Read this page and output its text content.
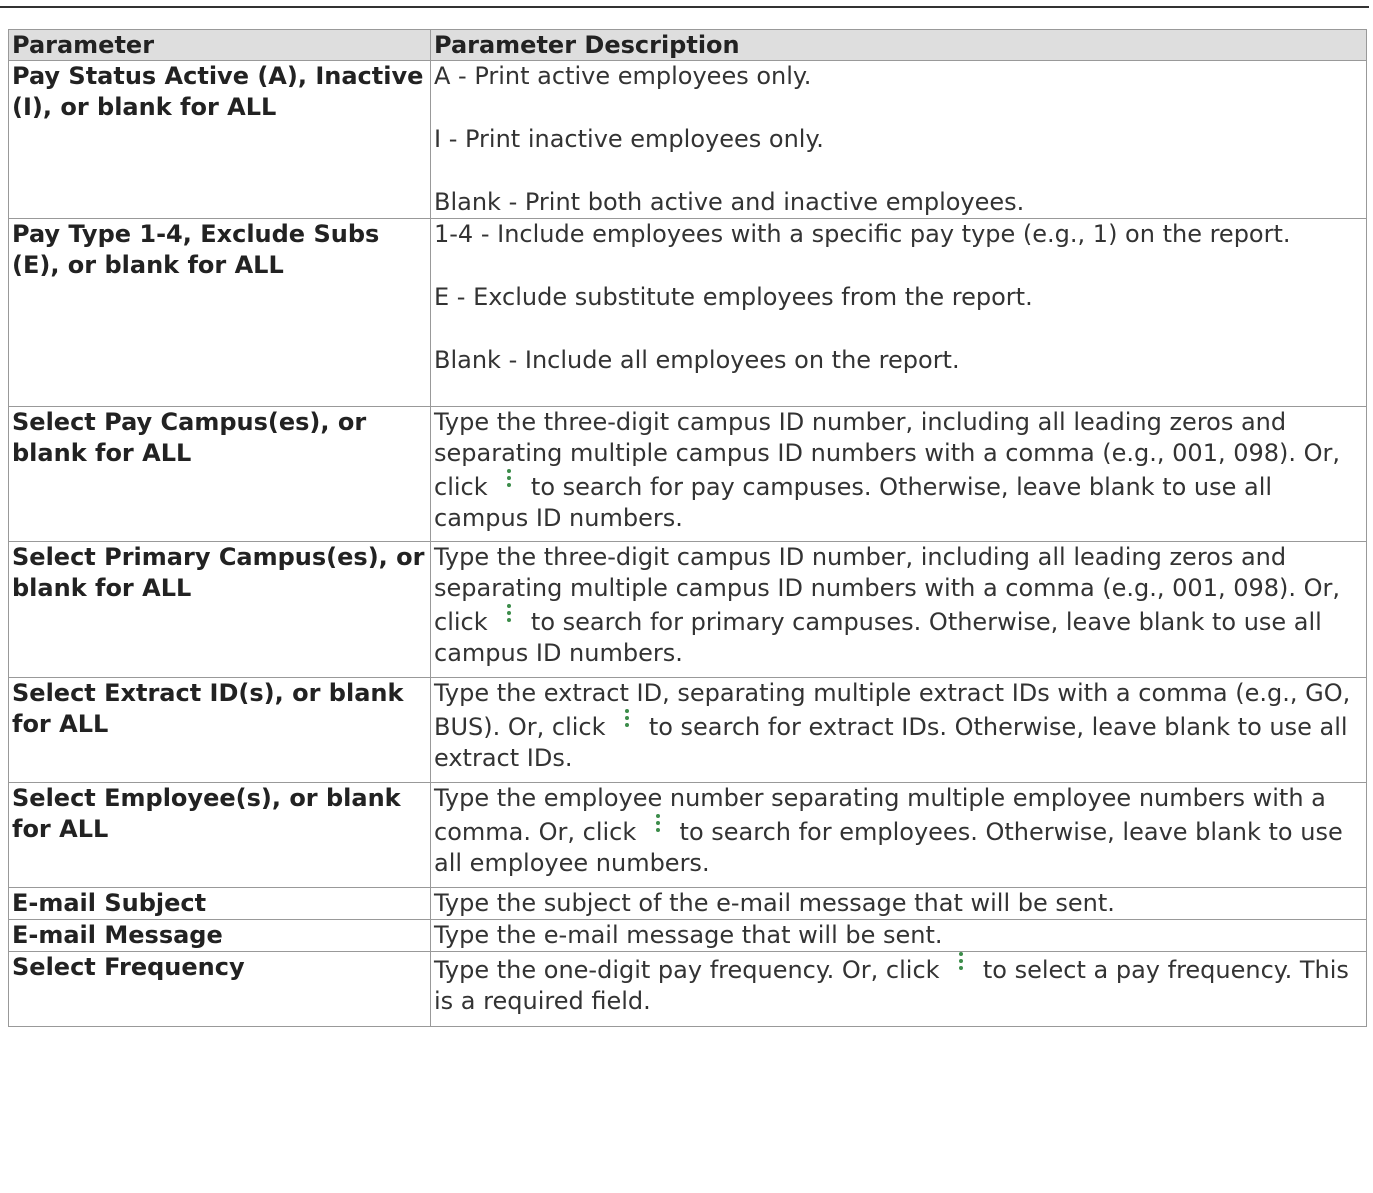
Parameter	Parameter Description
Pay Status Active (A), Inactive (I), or blank for ALL	A - Print active employees only.

I - Print inactive employees only.

Blank - Print both active and inactive employees.

Pay Type 1-4, Exclude Subs (E), or blank for ALL	1-4 - Include employees with a specific pay type (e.g., 1) on the report.

E - Exclude substitute employees from the report.

Blank - Include all employees on the report.

Select Pay Campus(es), or blank for ALL	Type the three-digit campus ID number, including all leading zeros and separating multiple campus ID numbers with a comma (e.g., 001, 098). Or, click to search for pay campuses. Otherwise, leave blank to use all campus ID numbers.
Select Primary Campus(es), or blank for ALL	Type the three-digit campus ID number, including all leading zeros and separating multiple campus ID numbers with a comma (e.g., 001, 098). Or, click to search for primary campuses. Otherwise, leave blank to use all campus ID numbers.
Select Extract ID(s), or blank for ALL	Type the extract ID, separating multiple extract IDs with a comma (e.g., GO, BUS). Or, click to search for extract IDs. Otherwise, leave blank to use all extract IDs.
Select Employee(s), or blank for ALL	Type the employee number separating multiple employee numbers with a comma. Or, click to search for employees. Otherwise, leave blank to use all employee numbers.
E-mail Subject	Type the subject of the e-mail message that will be sent.
E-mail Message	Type the e-mail message that will be sent.
Select Frequency	Type the one-digit pay frequency. Or, click to select a pay frequency. This is a required field.
